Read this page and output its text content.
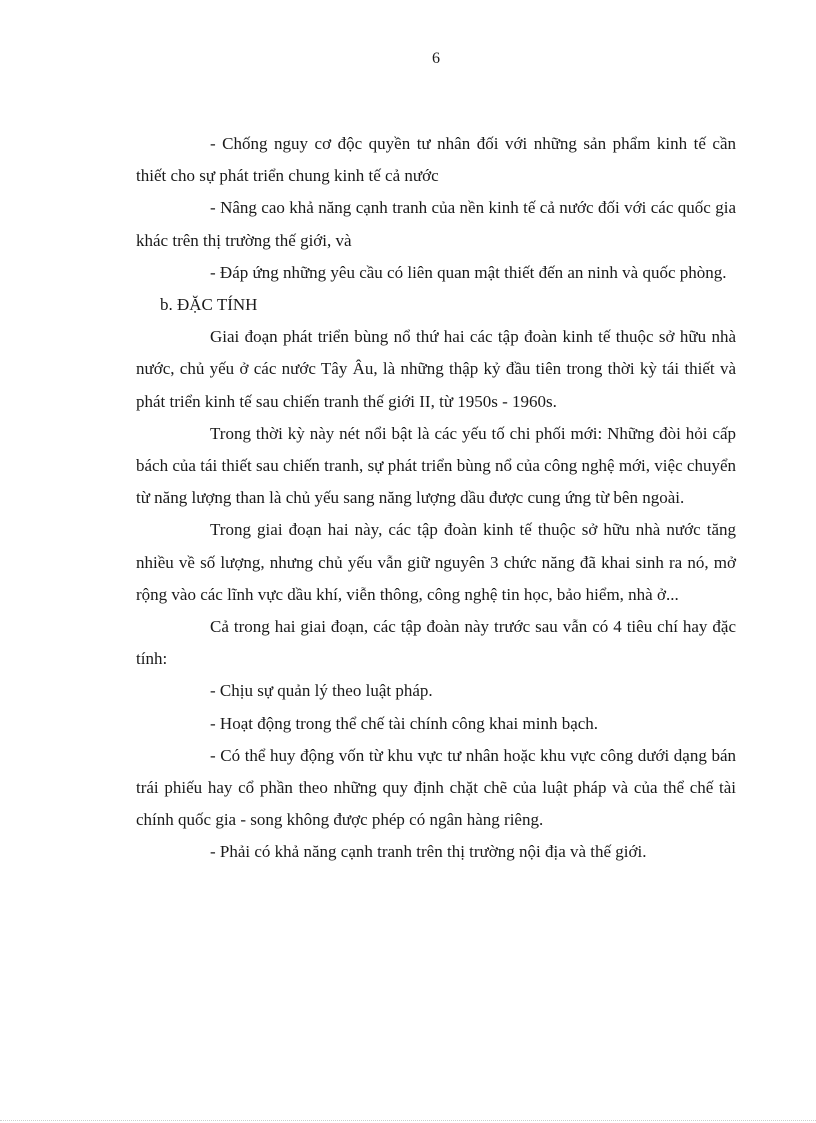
6

- Chống nguy cơ độc quyền tư nhân đối với những sản phẩm kinh tế cần thiết cho sự phát triển chung kinh tế cả nước

- Nâng cao khả năng cạnh tranh của nền kinh tế cả nước đối với các quốc gia khác trên thị trường thế giới, và

- Đáp ứng những yêu cầu có liên quan mật thiết đến an ninh và quốc phòng.

b. ĐẶC TÍNH

Giai đoạn phát triển bùng nổ thứ hai các tập đoàn kinh tế thuộc sở hữu nhà nước, chủ yếu ở các nước Tây Âu, là những thập kỷ đầu tiên trong thời kỳ tái thiết và phát triển kinh tế sau chiến tranh thế giới II, từ 1950s - 1960s.

Trong thời kỳ này nét nổi bật là các yếu tố chi phối mới: Những đòi hỏi cấp bách của tái thiết sau chiến tranh, sự phát triển bùng nổ của công nghệ mới, việc chuyển từ năng lượng than là chủ yếu sang năng lượng dầu được cung ứng từ bên ngoài.

Trong giai đoạn hai này, các tập đoàn kinh tế thuộc sở hữu nhà nước tăng nhiều về số lượng, nhưng chủ yếu vẫn giữ nguyên 3 chức năng đã khai sinh ra nó, mở rộng vào các lĩnh vực dầu khí, viễn thông, công nghệ tin học, bảo hiểm, nhà ở...

Cả trong hai giai đoạn, các tập đoàn này trước sau vẫn có 4 tiêu chí hay đặc tính:

- Chịu sự quản lý theo luật pháp.

- Hoạt động trong thể chế tài chính công khai minh bạch.

- Có thể huy động vốn từ khu vực tư nhân hoặc khu vực công dưới dạng bán trái phiếu hay cổ phần theo những quy định chặt chẽ của luật pháp và của thể chế tài chính quốc gia - song không được phép có ngân hàng riêng.

- Phải có khả năng cạnh tranh trên thị trường nội địa và thế giới.
